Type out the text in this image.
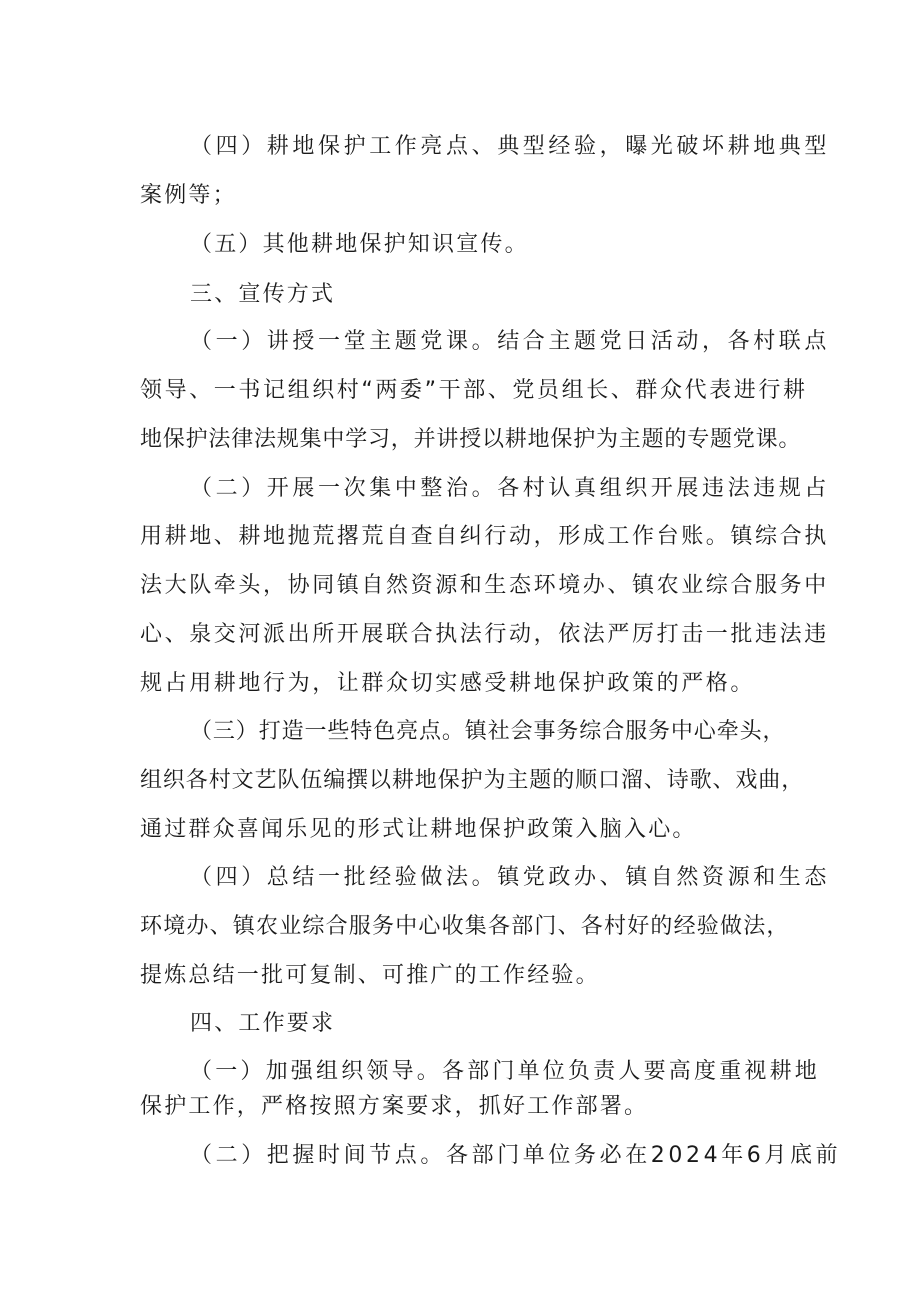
（四）耕地保护工作亮点、典型经验，曝光破坏耕地典型
案例等；
（五）其他耕地保护知识宣传。
三、宣传方式
（一）讲授一堂主题党课。结合主题党日活动，各村联点
领导、一书记组织村“两委”干部、党员组长、群众代表进行耕
地保护法律法规集中学习，并讲授以耕地保护为主题的专题党课。
（二）开展一次集中整治。各村认真组织开展违法违规占
用耕地、耕地抛荒撂荒自查自纠行动，形成工作台账。镇综合执
法大队牵头，协同镇自然资源和生态环境办、镇农业综合服务中
心、泉交河派出所开展联合执法行动，依法严厉打击一批违法违
规占用耕地行为，让群众切实感受耕地保护政策的严格。
（三）打造一些特色亮点。镇社会事务综合服务中心牵头，
组织各村文艺队伍编撰以耕地保护为主题的顺口溜、诗歌、戏曲，
通过群众喜闻乐见的形式让耕地保护政策入脑入心。
（四）总结一批经验做法。镇党政办、镇自然资源和生态
环境办、镇农业综合服务中心收集各部门、各村好的经验做法，
提炼总结一批可复制、可推广的工作经验。
四、工作要求
（一）加强组织领导。各部门单位负责人要高度重视耕地
保护工作，严格按照方案要求，抓好工作部署。
（二）把握时间节点。各部门单位务必在2024年6月底前
